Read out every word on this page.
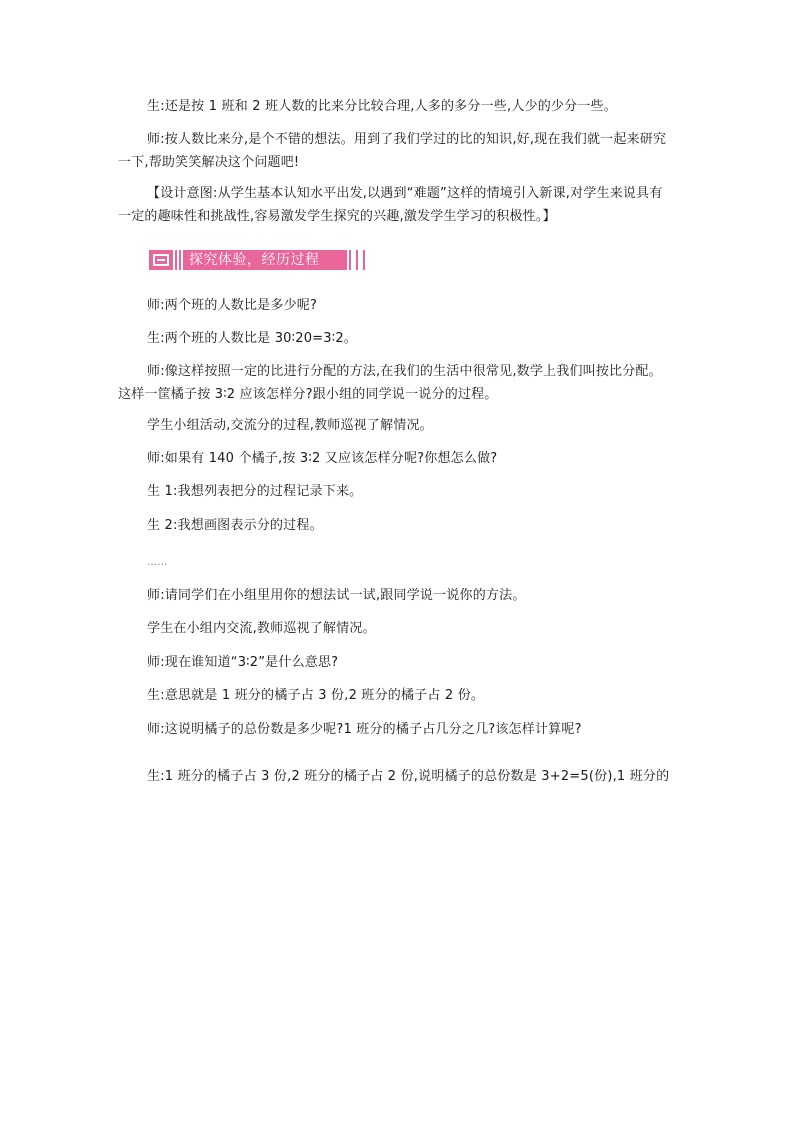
生:还是按 1 班和 2 班人数的比来分比较合理,人多的多分一些,人少的少分一些。

师:按人数比来分,是个不错的想法。用到了我们学过的比的知识,好,现在我们就一起来研究一下,帮助笑笑解决这个问题吧!

【设计意图:从学生基本认知水平出发,以遇到“难题”这样的情境引入新课,对学生来说具有一定的趣味性和挑战性,容易激发学生探究的兴趣,激发学生学习的积极性。】

探究体验，经历过程

师:两个班的人数比是多少呢?

生:两个班的人数比是 30∶20=3∶2。

师:像这样按照一定的比进行分配的方法,在我们的生活中很常见,数学上我们叫按比分配。这样一筐橘子按 3∶2 应该怎样分?跟小组的同学说一说分的过程。

学生小组活动,交流分的过程,教师巡视了解情况。

师:如果有 140 个橘子,按 3∶2 又应该怎样分呢?你想怎么做?

生 1:我想列表把分的过程记录下来。

生 2:我想画图表示分的过程。

……

师:请同学们在小组里用你的想法试一试,跟同学说一说你的方法。

学生在小组内交流,教师巡视了解情况。

师:现在谁知道“3∶2”是什么意思?

生:意思就是 1 班分的橘子占 3 份,2 班分的橘子占 2 份。

师:这说明橘子的总份数是多少呢?1 班分的橘子占几分之几?该怎样计算呢?

生:1 班分的橘子占 3 份,2 班分的橘子占 2 份,说明橘子的总份数是 3+2=5(份),1 班分的
